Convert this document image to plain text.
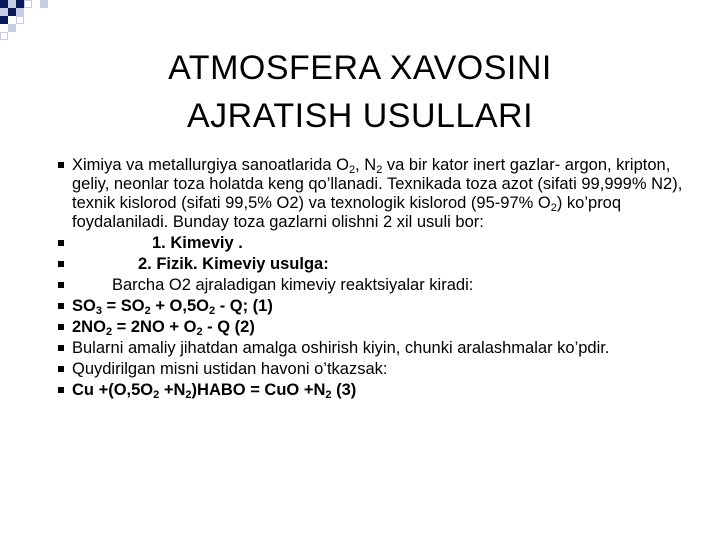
ATMOSFERA XAVOSINI
AJRATISH USULLARI
Ximiya va metallurgiya sanoatlarida $O_2$, $N_2$ va bir kator inert gazlar- argon, kripton, geliy, neonlar toza holatda keng qo’llanadi. Texnikada toza azot (sifati 99,999% N2), texnik kislorod (sifati 99,5% O2) va texnologik kislorod (95-97% $O_2$) ko’proq foydalaniladi. Bunday toza gazlarni olishni 2 xil usuli bor:
1. Kimeviy .
2. Fizik. Kimeviy usulga:
Barcha O2 ajraladigan kimeviy reaktsiyalar kiradi:
$SO_3 = SO_2 + O,5O_2 - Q$; (1)
$2NO_2 = 2NO + O_2 - Q$ (2)
Bularni amaliy jihatdan amalga oshirish kiyin, chunki aralashmalar ko’pdir.
Quydirilgan misni ustidan havoni o’tkazsak:
$Cu +(O,5O_2$ $+N_2)HABO$ = CuO $+N_2$ (3)
